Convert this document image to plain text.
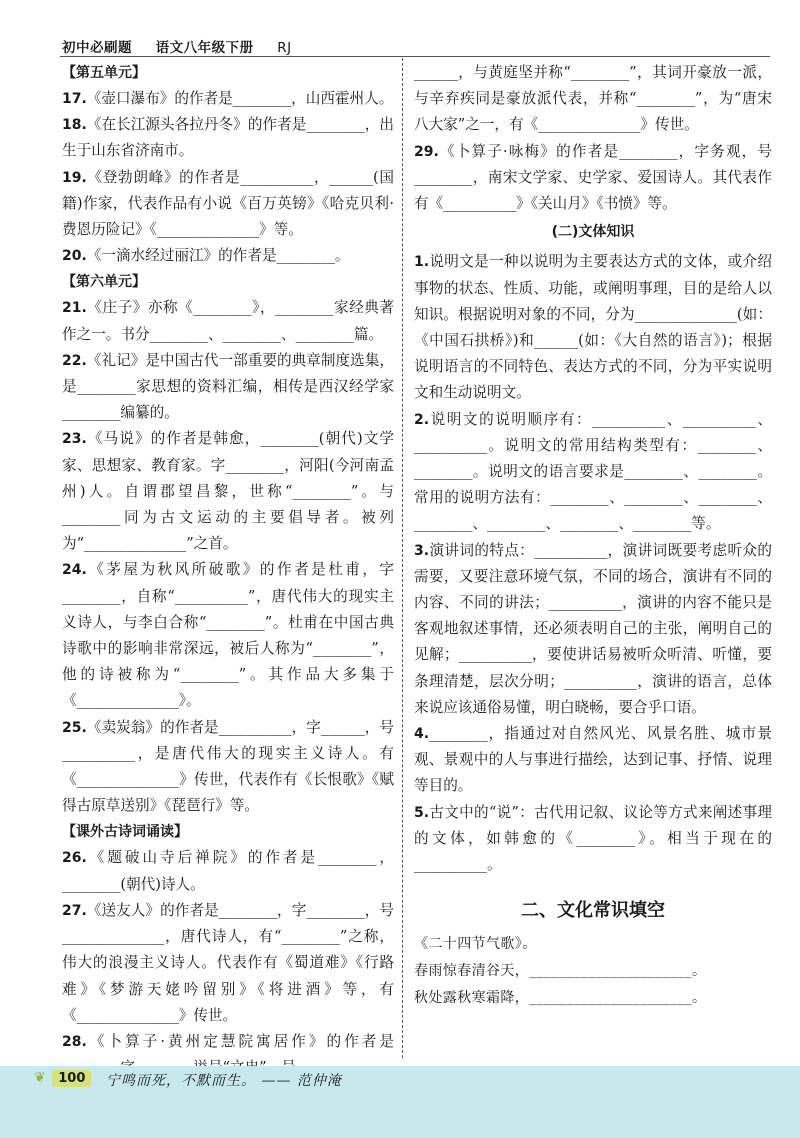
初中必刷题 语文八年级下册 RJ
【第五单元】
17.《壶口瀑布》的作者是________，山西霍州人。
18.《在长江源头各拉丹冬》的作者是________，出生于山东省济南市。
19.《登勃朗峰》的作者是__________，______(国籍)作家，代表作品有小说《百万英镑》《哈克贝利·费恩历险记》《______________》等。
20.《一滴水经过丽江》的作者是________。
【第六单元】
21.《庄子》亦称《________》，________家经典著作之一。书分________、________、________篇。
22.《礼记》是中国古代一部重要的典章制度选集，是________家思想的资料汇编，相传是西汉经学家________编纂的。
23.《马说》的作者是韩愈，________(朝代)文学家、思想家、教育家。字________，河阳(今河南孟州)人。自谓郡望昌黎，世称“________”。与________同为古文运动的主要倡导者。被列为“______________”之首。
24.《茅屋为秋风所破歌》的作者是杜甫，字________，自称“__________”，唐代伟大的现实主义诗人，与李白合称“________”。杜甫在中国古典诗歌中的影响非常深远，被后人称为“________”，他的诗被称为“________”。其作品大多集于《______________》。
25.《卖炭翁》的作者是__________，字______，号__________，是唐代伟大的现实主义诗人。有《______________》传世，代表作有《长恨歌》《赋得古原草送别》《琵琶行》等。
【课外古诗词诵读】
26.《题破山寺后禅院》的作者是________，________(朝代)诗人。
27.《送友人》的作者是________，字________，号______________，唐代诗人，有“________”之称，伟大的浪漫主义诗人。代表作有《蜀道难》《行路难》《梦游天姥吟留别》《将进酒》等，有《______________》传世。
28.《卜算子·黄州定慧院寓居作》的作者是
______，与黄庭坚并称“________”，其词开豪放一派，与辛弃疾同是豪放派代表，并称“________”，为“唐宋八大家”之一，有《______________》传世。
29.《卜算子·咏梅》的作者是________，字务观，号________，南宋文学家、史学家、爱国诗人。其代表作有《__________》《关山月》《书愤》等。
(二)文体知识
1.说明文是一种以说明为主要表达方式的文体，或介绍事物的状态、性质、功能，或阐明事理，目的是给人以知识。根据说明对象的不同，分为______________(如：《中国石拱桥》)和______(如：《大自然的语言》)；根据说明语言的不同特色、表达方式的不同，分为平实说明文和生动说明文。
2.说明文的说明顺序有：__________、__________、__________。说明文的常用结构类型有：________、________。说明文的语言要求是________、________。常用的说明方法有：________、________、________、________、________、________、________等。
3.演讲词的特点：__________，演讲词既要考虑听众的需要，又要注意环境气氛，不同的场合，演讲有不同的内容、不同的讲法；__________，演讲的内容不能只是客观地叙述事情，还必须表明自己的主张，阐明自己的见解；__________，要使讲话易被听众听清、听懂，要条理清楚，层次分明；__________，演讲的语言，总体来说应该通俗易懂，明白晓畅，要合乎口语。
4.________，指通过对自然风光、风景名胜、城市景观、景观中的人与事进行描绘，达到记事、抒情、说理等目的。
5.古文中的“说”：古代用记叙、议论等方式来阐述事理的文体，如韩愈的《________》。相当于现在的__________。
二、文化常识填空
《二十四节气歌》。
春雨惊春清谷天，______________________。
秋处露秋寒霜降，______________________。
❦ 100	宁鸣而死，不默而生。 —— 范仲淹
